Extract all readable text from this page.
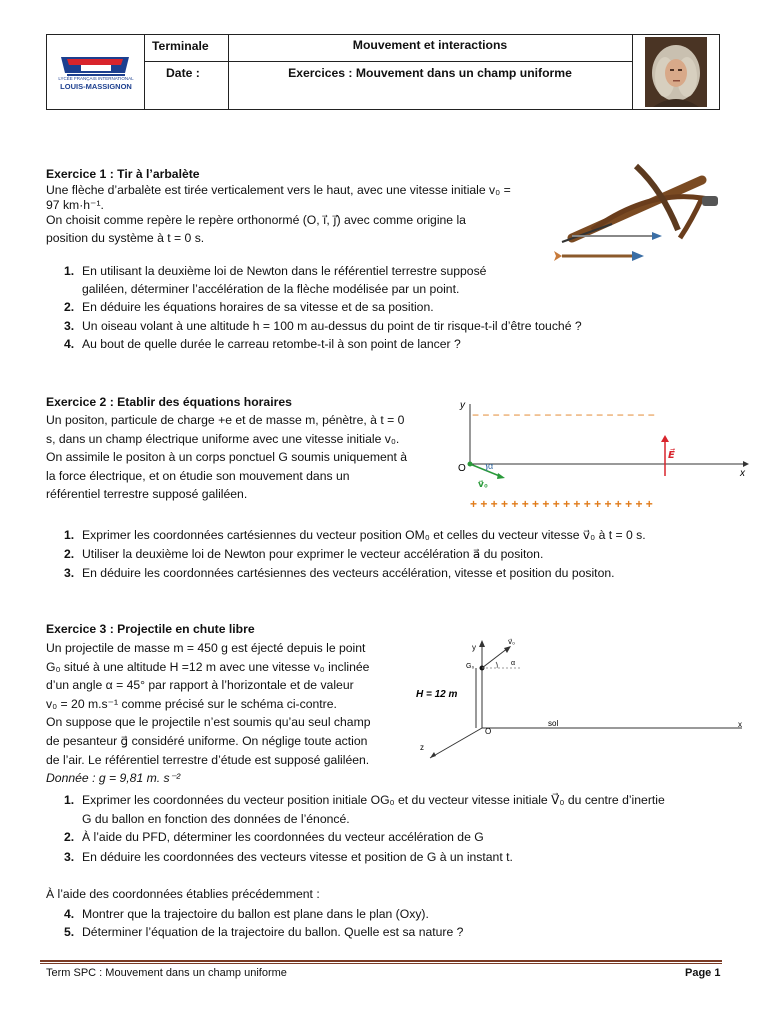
LYCÉE FRANÇAIS INTERNATIONAL
LOUIS-MASSIGNON
Terminale	Mouvement et interactions
Date :	Exercices : Mouvement dans un champ uniforme
Exercice 1 : Tir à l’arbalète
Une flèche d’arbalète est tirée verticalement vers le haut, avec une vitesse initiale v₀ =
97 km·h⁻¹.
On choisit comme repère le repère orthonormé (O, ı⃗, ȷ⃗) avec comme origine la
position du système à t = 0 s.
1. En utilisant la deuxième loi de Newton dans le référentiel terrestre supposé
galiléen, déterminer l’accélération de la flèche modélisée par un point.
2. En déduire les équations horaires de sa vitesse et de sa position.
3. Un oiseau volant à une altitude h = 100 m au-dessus du point de tir risque-t-il d’être touché ?
4. Au bout de quelle durée le carreau retombe-t-il à son point de lancer ?
Exercice 2 : Etablir des équations horaires
Un positon, particule de charge +e et de masse m, pénètre, à t = 0
s, dans un champ électrique uniforme avec une vitesse initiale v₀.
On assimile le positon à un corps ponctuel G soumis uniquement à
la force électrique, et on étudie son mouvement dans un
référentiel terrestre supposé galiléen.
1. Exprimer les coordonnées cartésiennes du vecteur position OM₀ et celles du vecteur vitesse v⃗₀ à t = 0 s.
2. Utiliser la deuxième loi de Newton pour exprimer le vecteur accélération a⃗ du positon.
3. En déduire les coordonnées cartésiennes des vecteurs accélération, vitesse et position du positon.
y
x
O
− − − − − − − − − − − − − − − − − −
+ + + + + + + + + + + + + + + + + +
α
v⃗₀
E⃗
Exercice 3 : Projectile en chute libre
Un projectile de masse m = 450 g est éjecté depuis le point
G₀ situé à une altitude H =12 m avec une vitesse v₀ inclinée
d’un angle α = 45° par rapport à l’horizontale et de valeur
v₀ = 20 m.s⁻¹ comme précisé sur le schéma ci-contre.
On suppose que le projectile n’est soumis qu’au seul champ
de pesanteur g⃗ considéré uniforme. On néglige toute action
de l’air. Le référentiel terrestre d’étude est supposé galiléen.
Donnée : g = 9,81 m. s⁻²
1. Exprimer les coordonnées du vecteur position initiale OG₀ et du vecteur vitesse initiale V⃗₀ du centre d’inertie
G du ballon en fonction des données de l’énoncé.
2. À l’aide du PFD, déterminer les coordonnées du vecteur accélération de G
3. En déduire les coordonnées des vecteurs vitesse et position de G à un instant t.
À l’aide des coordonnées établies précédemment :
4. Montrer que la trajectoire du ballon est plane dans le plan (Oxy).
5. Déterminer l’équation de la trajectoire du ballon. Quelle est sa nature ?
y
x
z
O
sol
G₀
v⃗₀
α
H = 12 m
Term SPC : Mouvement dans un champ uniforme	Page 1
